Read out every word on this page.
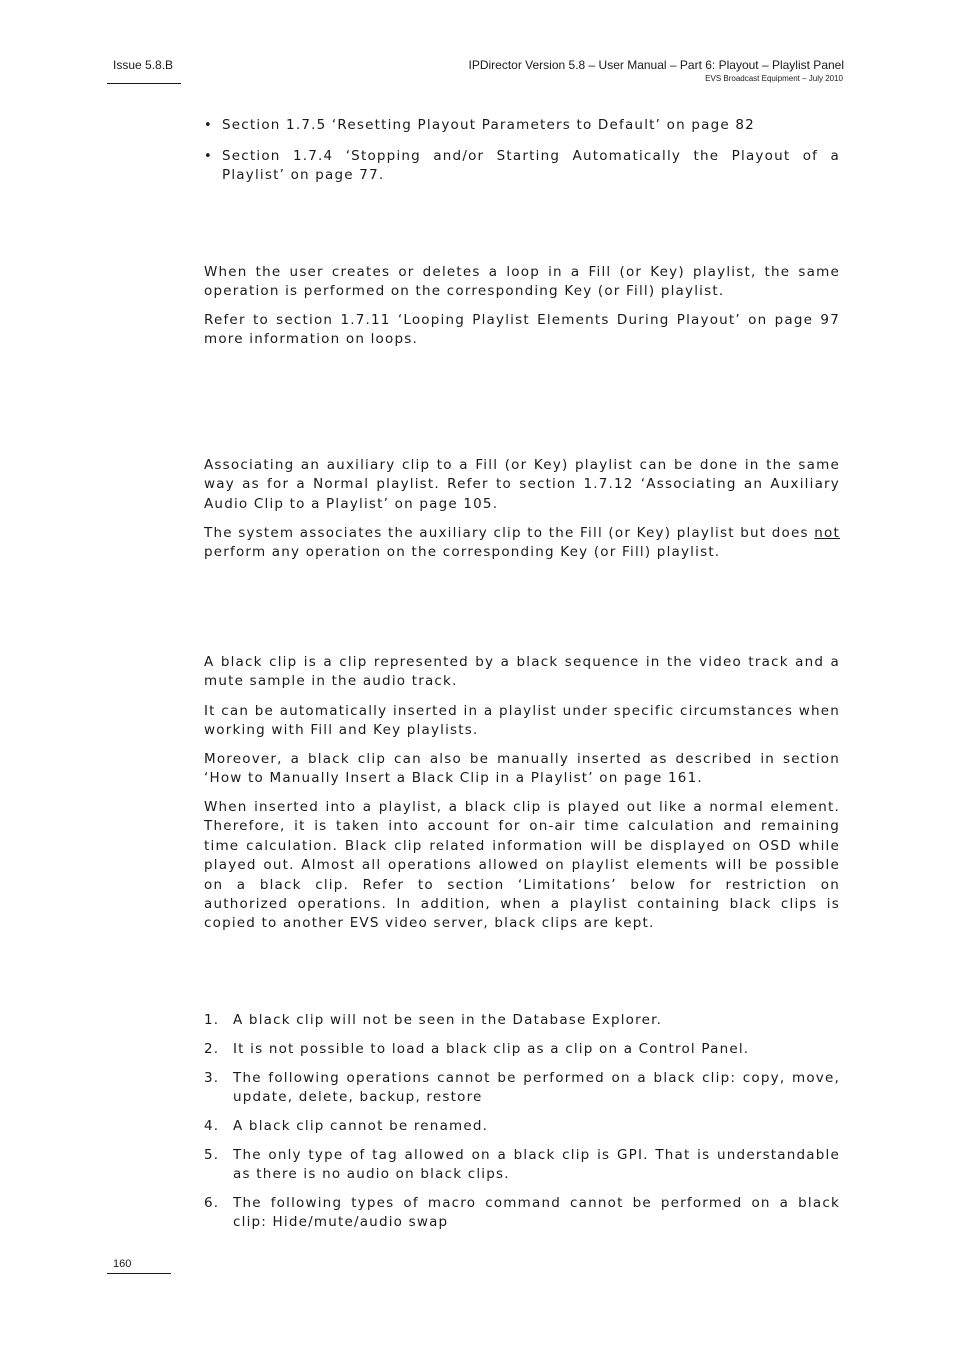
Issue 5.8.B	IPDirector Version 5.8 – User Manual – Part 6: Playout – Playlist Panel
EVS Broadcast Equipment – July 2010
• Section 1.7.5 ‘Resetting Playout Parameters to Default’ on page 82

• Section 1.7.4 ‘Stopping and/or Starting Automatically the Playout of a Playlist’ on page 77.

When the user creates or deletes a loop in a Fill (or Key) playlist, the same operation is performed on the corresponding Key (or Fill) playlist.

Refer to section 1.7.11 ‘Looping Playlist Elements During Playout’ on page 97 more information on loops.

Associating an auxiliary clip to a Fill (or Key) playlist can be done in the same way as for a Normal playlist. Refer to section 1.7.12 ‘Associating an Auxiliary Audio Clip to a Playlist’ on page 105.

The system associates the auxiliary clip to the Fill (or Key) playlist but does not perform any operation on the corresponding Key (or Fill) playlist.

A black clip is a clip represented by a black sequence in the video track and a mute sample in the audio track.

It can be automatically inserted in a playlist under specific circumstances when working with Fill and Key playlists.

Moreover, a black clip can also be manually inserted as described in section ‘How to Manually Insert a Black Clip in a Playlist’ on page 161.

When inserted into a playlist, a black clip is played out like a normal element. Therefore, it is taken into account for on-air time calculation and remaining time calculation. Black clip related information will be displayed on OSD while played out. Almost all operations allowed on playlist elements will be possible on a black clip. Refer to section ‘Limitations’ below for restriction on authorized operations. In addition, when a playlist containing black clips is copied to another EVS video server, black clips are kept.

1. A black clip will not be seen in the Database Explorer.

2. It is not possible to load a black clip as a clip on a Control Panel.

3. The following operations cannot be performed on a black clip: copy, move, update, delete, backup, restore

4. A black clip cannot be renamed.

5. The only type of tag allowed on a black clip is GPI. That is understandable as there is no audio on black clips.

6. The following types of macro command cannot be performed on a black clip: Hide/mute/audio swap

160
